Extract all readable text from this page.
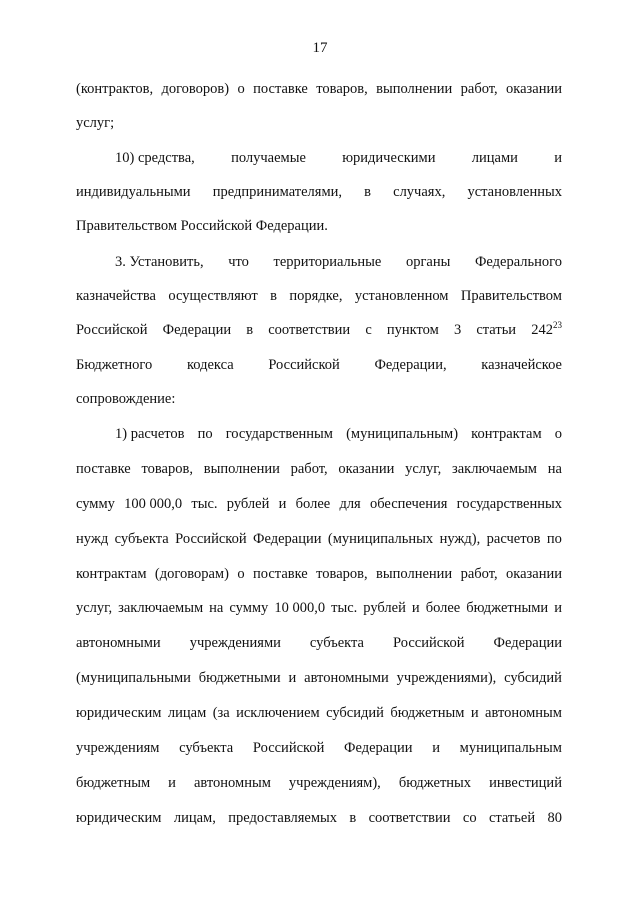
17
(контрактов, договоров) о поставке товаров, выполнении работ, оказании
услуг;
10) средства,	получаемые	юридическими	лицами	и
индивидуальными предпринимателями, в случаях, установленных
Правительством Российской Федерации.
3. Установить, что территориальные органы Федерального
казначейства осуществляют в порядке, установленном Правительством
Российской Федерации в соответствии с пунктом 3 статьи $242^{23}$
Бюджетного кодекса Российской Федерации, казначейское
сопровождение:
1) расчетов по государственным (муниципальным) контрактам о
поставке товаров, выполнении работ, оказании услуг, заключаемым на
сумму 100 000,0 тыс. рублей и более для обеспечения государственных
нужд субъекта Российской Федерации (муниципальных нужд), расчетов по
контрактам (договорам) о поставке товаров, выполнении работ, оказании
услуг, заключаемым на сумму 10 000,0 тыс. рублей и более бюджетными и
автономными учреждениями субъекта Российской Федерации
(муниципальными бюджетными и автономными учреждениями), субсидий
юридическим лицам (за исключением субсидий бюджетным и автономным
учреждениям субъекта Российской Федерации и муниципальным
бюджетным и автономным учреждениям), бюджетных инвестиций
юридическим лицам, предоставляемых в соответствии со статьей 80
